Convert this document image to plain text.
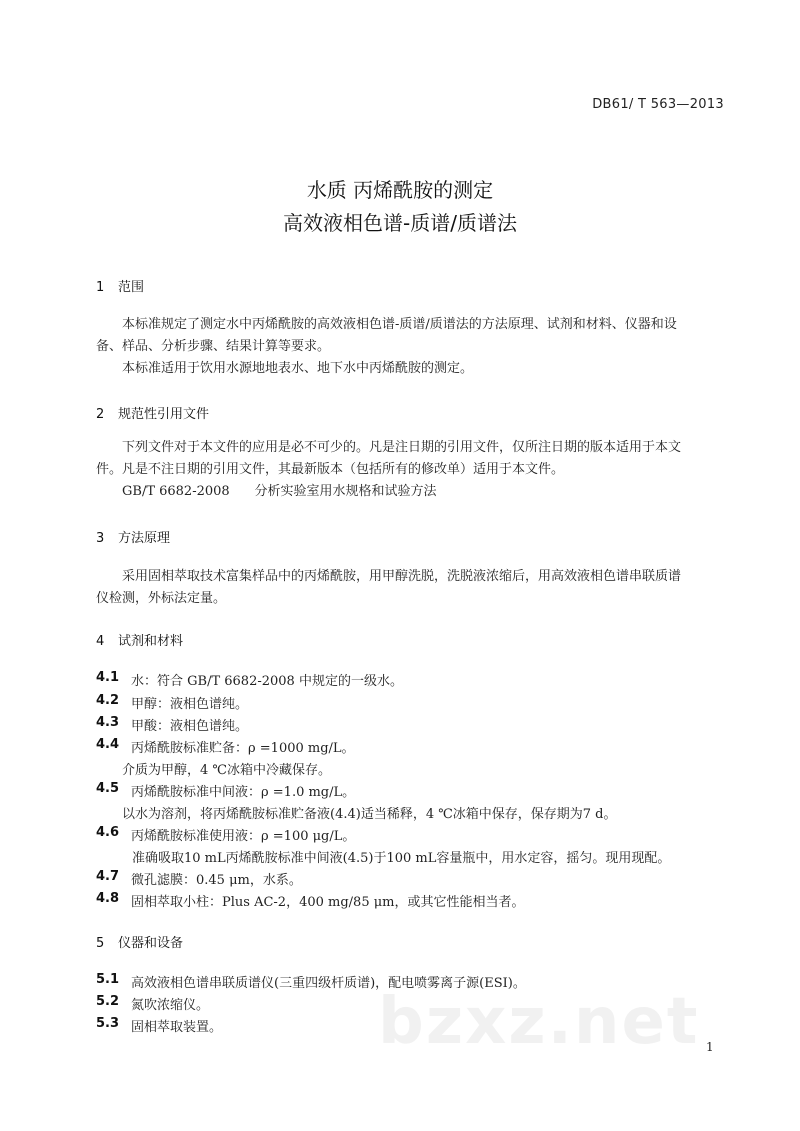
DB61/ T 563—2013
水质 丙烯酰胺的测定
高效液相色谱-质谱/质谱法
1 范围
本标准规定了测定水中丙烯酰胺的高效液相色谱-质谱/质谱法的方法原理、试剂和材料、仪器和设
备、样品、分析步骤、结果计算等要求。
本标准适用于饮用水源地地表水、地下水中丙烯酰胺的测定。
2 规范性引用文件
下列文件对于本文件的应用是必不可少的。凡是注日期的引用文件，仅所注日期的版本适用于本文
件。凡是不注日期的引用文件，其最新版本（包括所有的修改单）适用于本文件。
GB/T 6682-2008      分析实验室用水规格和试验方法
3 方法原理
采用固相萃取技术富集样品中的丙烯酰胺，用甲醇洗脱，洗脱液浓缩后，用高效液相色谱串联质谱
仪检测，外标法定量。
4 试剂和材料
4.1 水：符合 GB/T 6682-2008 中规定的一级水。
4.2 甲醇：液相色谱纯。
4.3 甲酸：液相色谱纯。
4.4 丙烯酰胺标准贮备：ρ =1000 mg/L。
介质为甲醇，4 ℃冰箱中冷藏保存。
4.5 丙烯酰胺标准中间液：ρ =1.0 mg/L。
以水为溶剂，将丙烯酰胺标准贮备液(4.4)适当稀释，4 ℃冰箱中保存，保存期为7 d。
4.6 丙烯酰胺标准使用液：ρ =100 μg/L。
准确吸取10 mL丙烯酰胺标准中间液(4.5)于100 mL容量瓶中，用水定容，摇匀。现用现配。
4.7 微孔滤膜：0.45 μm，水系。
4.8 固相萃取小柱：Plus AC-2，400 mg/85 μm，或其它性能相当者。
5 仪器和设备
5.1 高效液相色谱串联质谱仪(三重四级杆质谱)，配电喷雾离子源(ESI)。
5.2 氮吹浓缩仪。
5.3 固相萃取装置。 bzxz.net 1
